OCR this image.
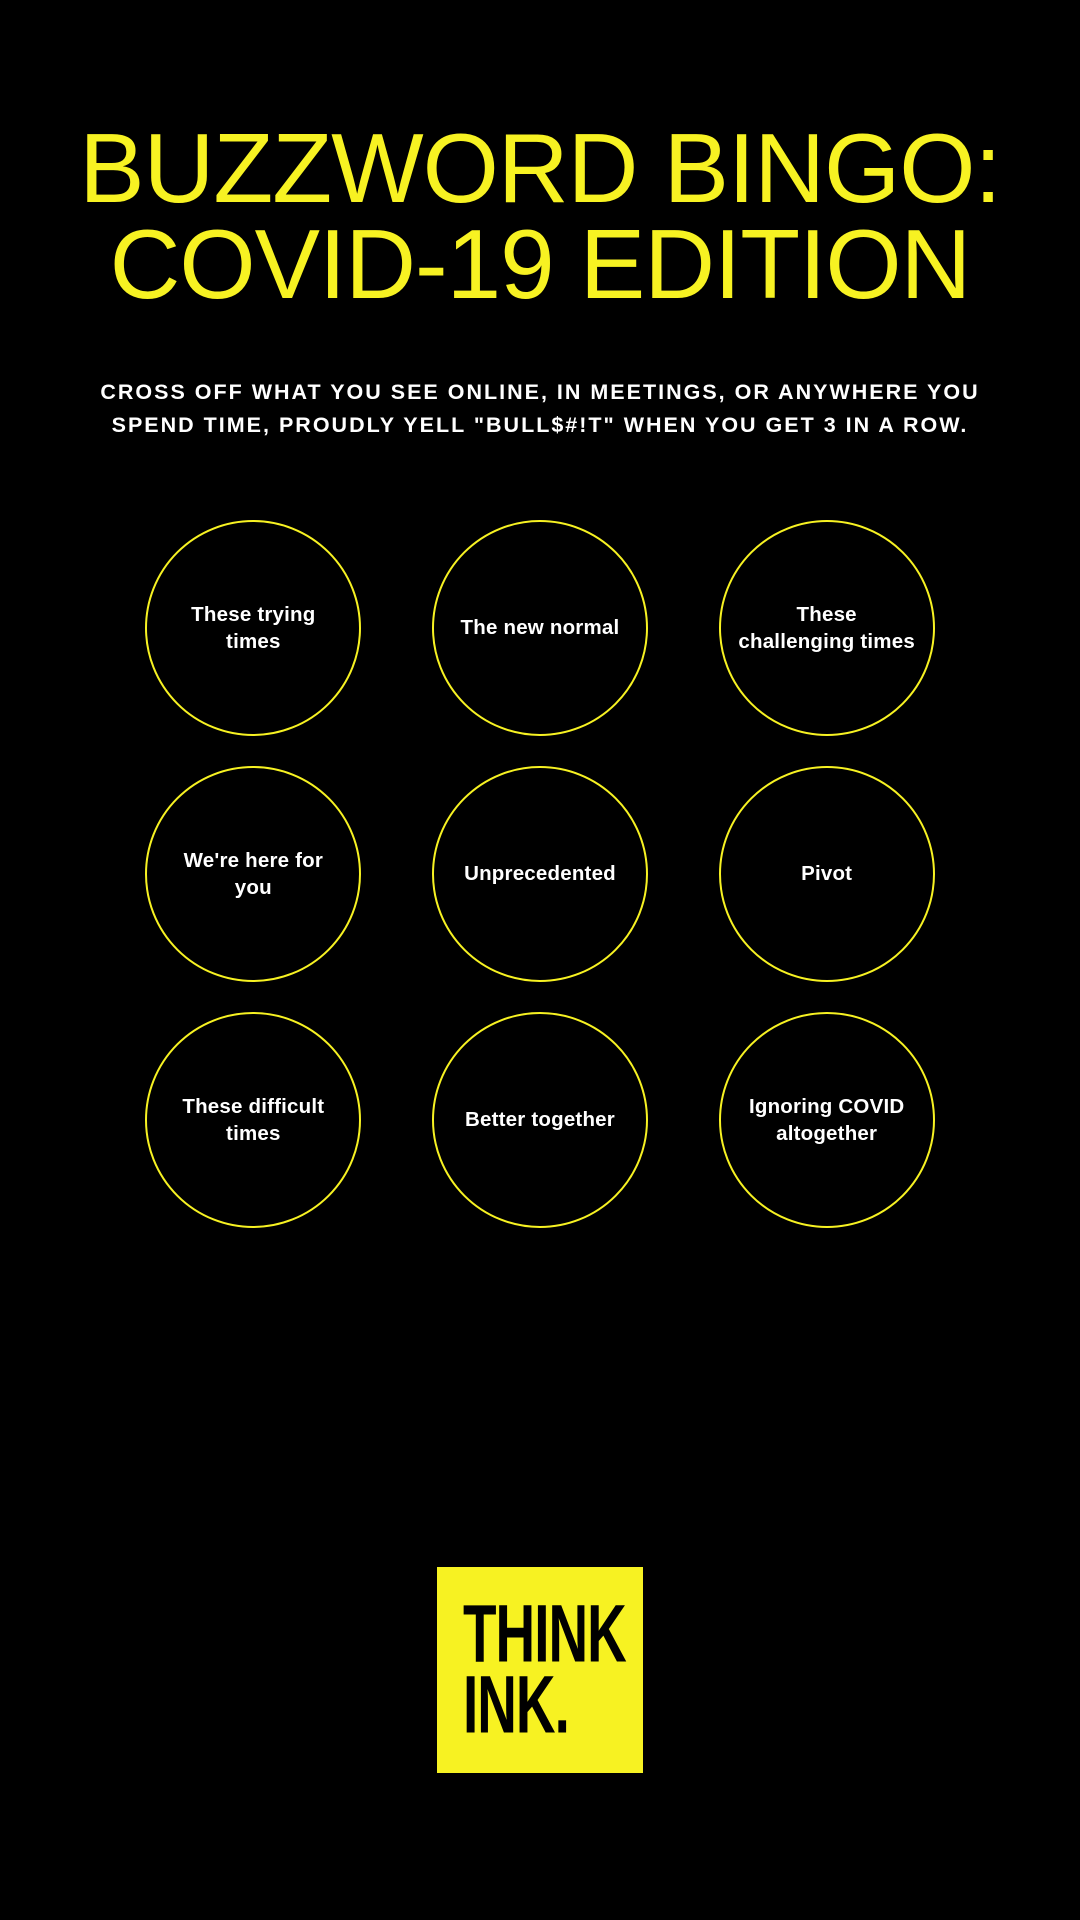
BUZZWORD BINGO:
COVID-19 EDITION
CROSS OFF WHAT YOU SEE ONLINE, IN MEETINGS, OR ANYWHERE YOU SPEND TIME, PROUDLY YELL "BULL$#!T" WHEN YOU GET 3 IN A ROW.
These trying times
The new normal
These challenging times
We're here for you
Unprecedented	Pivot
These difficult times
Better together
Ignoring COVID altogether
THINK
INK.
